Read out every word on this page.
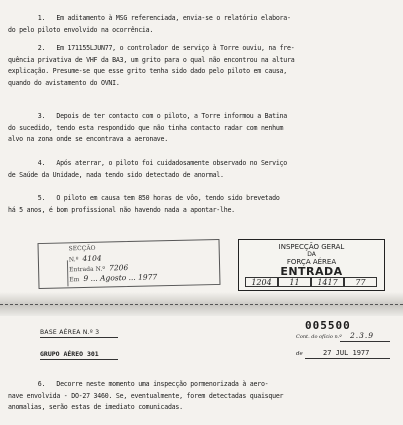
1.   Em aditamento à MSG referenciada, envia-se o relatório elabora-
do pelo piloto envolvido na ocorrência.

2.   Em 171155LJUN77, o controlador de serviço à Torre ouviu, na fre-
quência privativa de VHF da BA3, um grito para o qual não encontrou na altura
explicação. Presume-se que esse grito tenha sido dado pelo piloto em causa,
quando do avistamento do OVNI.

3.   Depois de ter contacto com o piloto, a Torre informou a Batina
do sucedido, tendo esta respondido que não tinha contacto radar com nenhum
alvo na zona onde se encontrava a aeronave.

4.   Após aterrar, o piloto foi cuidadosamente observado no Serviço
de Saúde da Unidade, nada tendo sido detectado de anormal.

5.   O piloto em causa tem 850 horas de vôo, tendo sido brevetado
há 5 anos, é bom profissional não havendo nada a apontar-lhe.

SECÇÃO
N.º 4104
Entrada N.º 7206
Em 9 ... Agosto ... 1977
INSPECÇÃO GERAL
DA
FORÇA AÉREA
ENTRADA
1204	11	1417	77
005500
BASE AÉREA N.º 3
GRUPO AÉREO 301
Cont. do ofício n.º 2.3.9
de	27 JUL 1977

6.   Decorre neste momento uma inspecção pormenorizada à aero-
nave envolvida - DO-27 3460. Se, eventualmente, forem detectadas quaisquer
anomalias, serão estas de imediato comunicadas.
